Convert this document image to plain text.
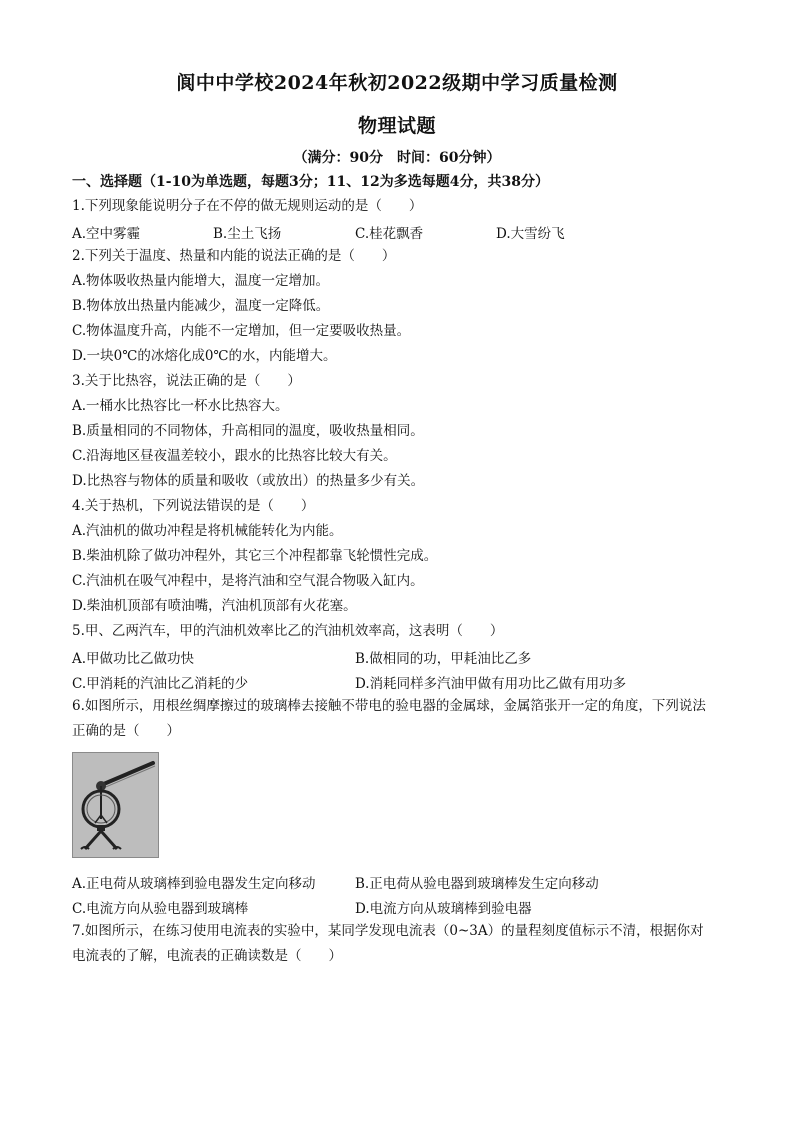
阆中中学校2024年秋初2022级期中学习质量检测
物理试题
（满分：90分　时间：60分钟）
一、选择题（1-10为单选题，每题3分；11、12为多选每题4分，共38分）
1.下列现象能说明分子在不停的做无规则运动的是（　　）
A.空中雾霾	B.尘土飞扬	C.桂花飘香	D.大雪纷飞
2.下列关于温度、热量和内能的说法正确的是（　　）
A.物体吸收热量内能增大，温度一定增加。
B.物体放出热量内能减少，温度一定降低。
C.物体温度升高，内能不一定增加，但一定要吸收热量。
D.一块0℃的冰熔化成0℃的水，内能增大。
3.关于比热容，说法正确的是（　　）
A.一桶水比热容比一杯水比热容大。
B.质量相同的不同物体，升高相同的温度，吸收热量相同。
C.沿海地区昼夜温差较小，跟水的比热容比较大有关。
D.比热容与物体的质量和吸收（或放出）的热量多少有关。
4.关于热机，下列说法错误的是（　　）
A.汽油机的做功冲程是将机械能转化为内能。
B.柴油机除了做功冲程外，其它三个冲程都靠飞轮惯性完成。
C.汽油机在吸气冲程中，是将汽油和空气混合物吸入缸内。
D.柴油机顶部有喷油嘴，汽油机顶部有火花塞。
5.甲、乙两汽车，甲的汽油机效率比乙的汽油机效率高，这表明（　　）
A.甲做功比乙做功快	B.做相同的功，甲耗油比乙多
C.甲消耗的汽油比乙消耗的少	D.消耗同样多汽油甲做有用功比乙做有用功多
6.如图所示，用根丝绸摩擦过的玻璃棒去接触不带电的验电器的金属球，金属箔张开一定的角度，下列说法
正确的是（　　）
A.正电荷从玻璃棒到验电器发生定向移动	B.正电荷从验电器到玻璃棒发生定向移动
C.电流方向从验电器到玻璃棒	D.电流方向从玻璃棒到验电器
7.如图所示，在练习使用电流表的实验中，某同学发现电流表（0~3A）的量程刻度值标示不清，根据你对
电流表的了解，电流表的正确读数是（　　）
